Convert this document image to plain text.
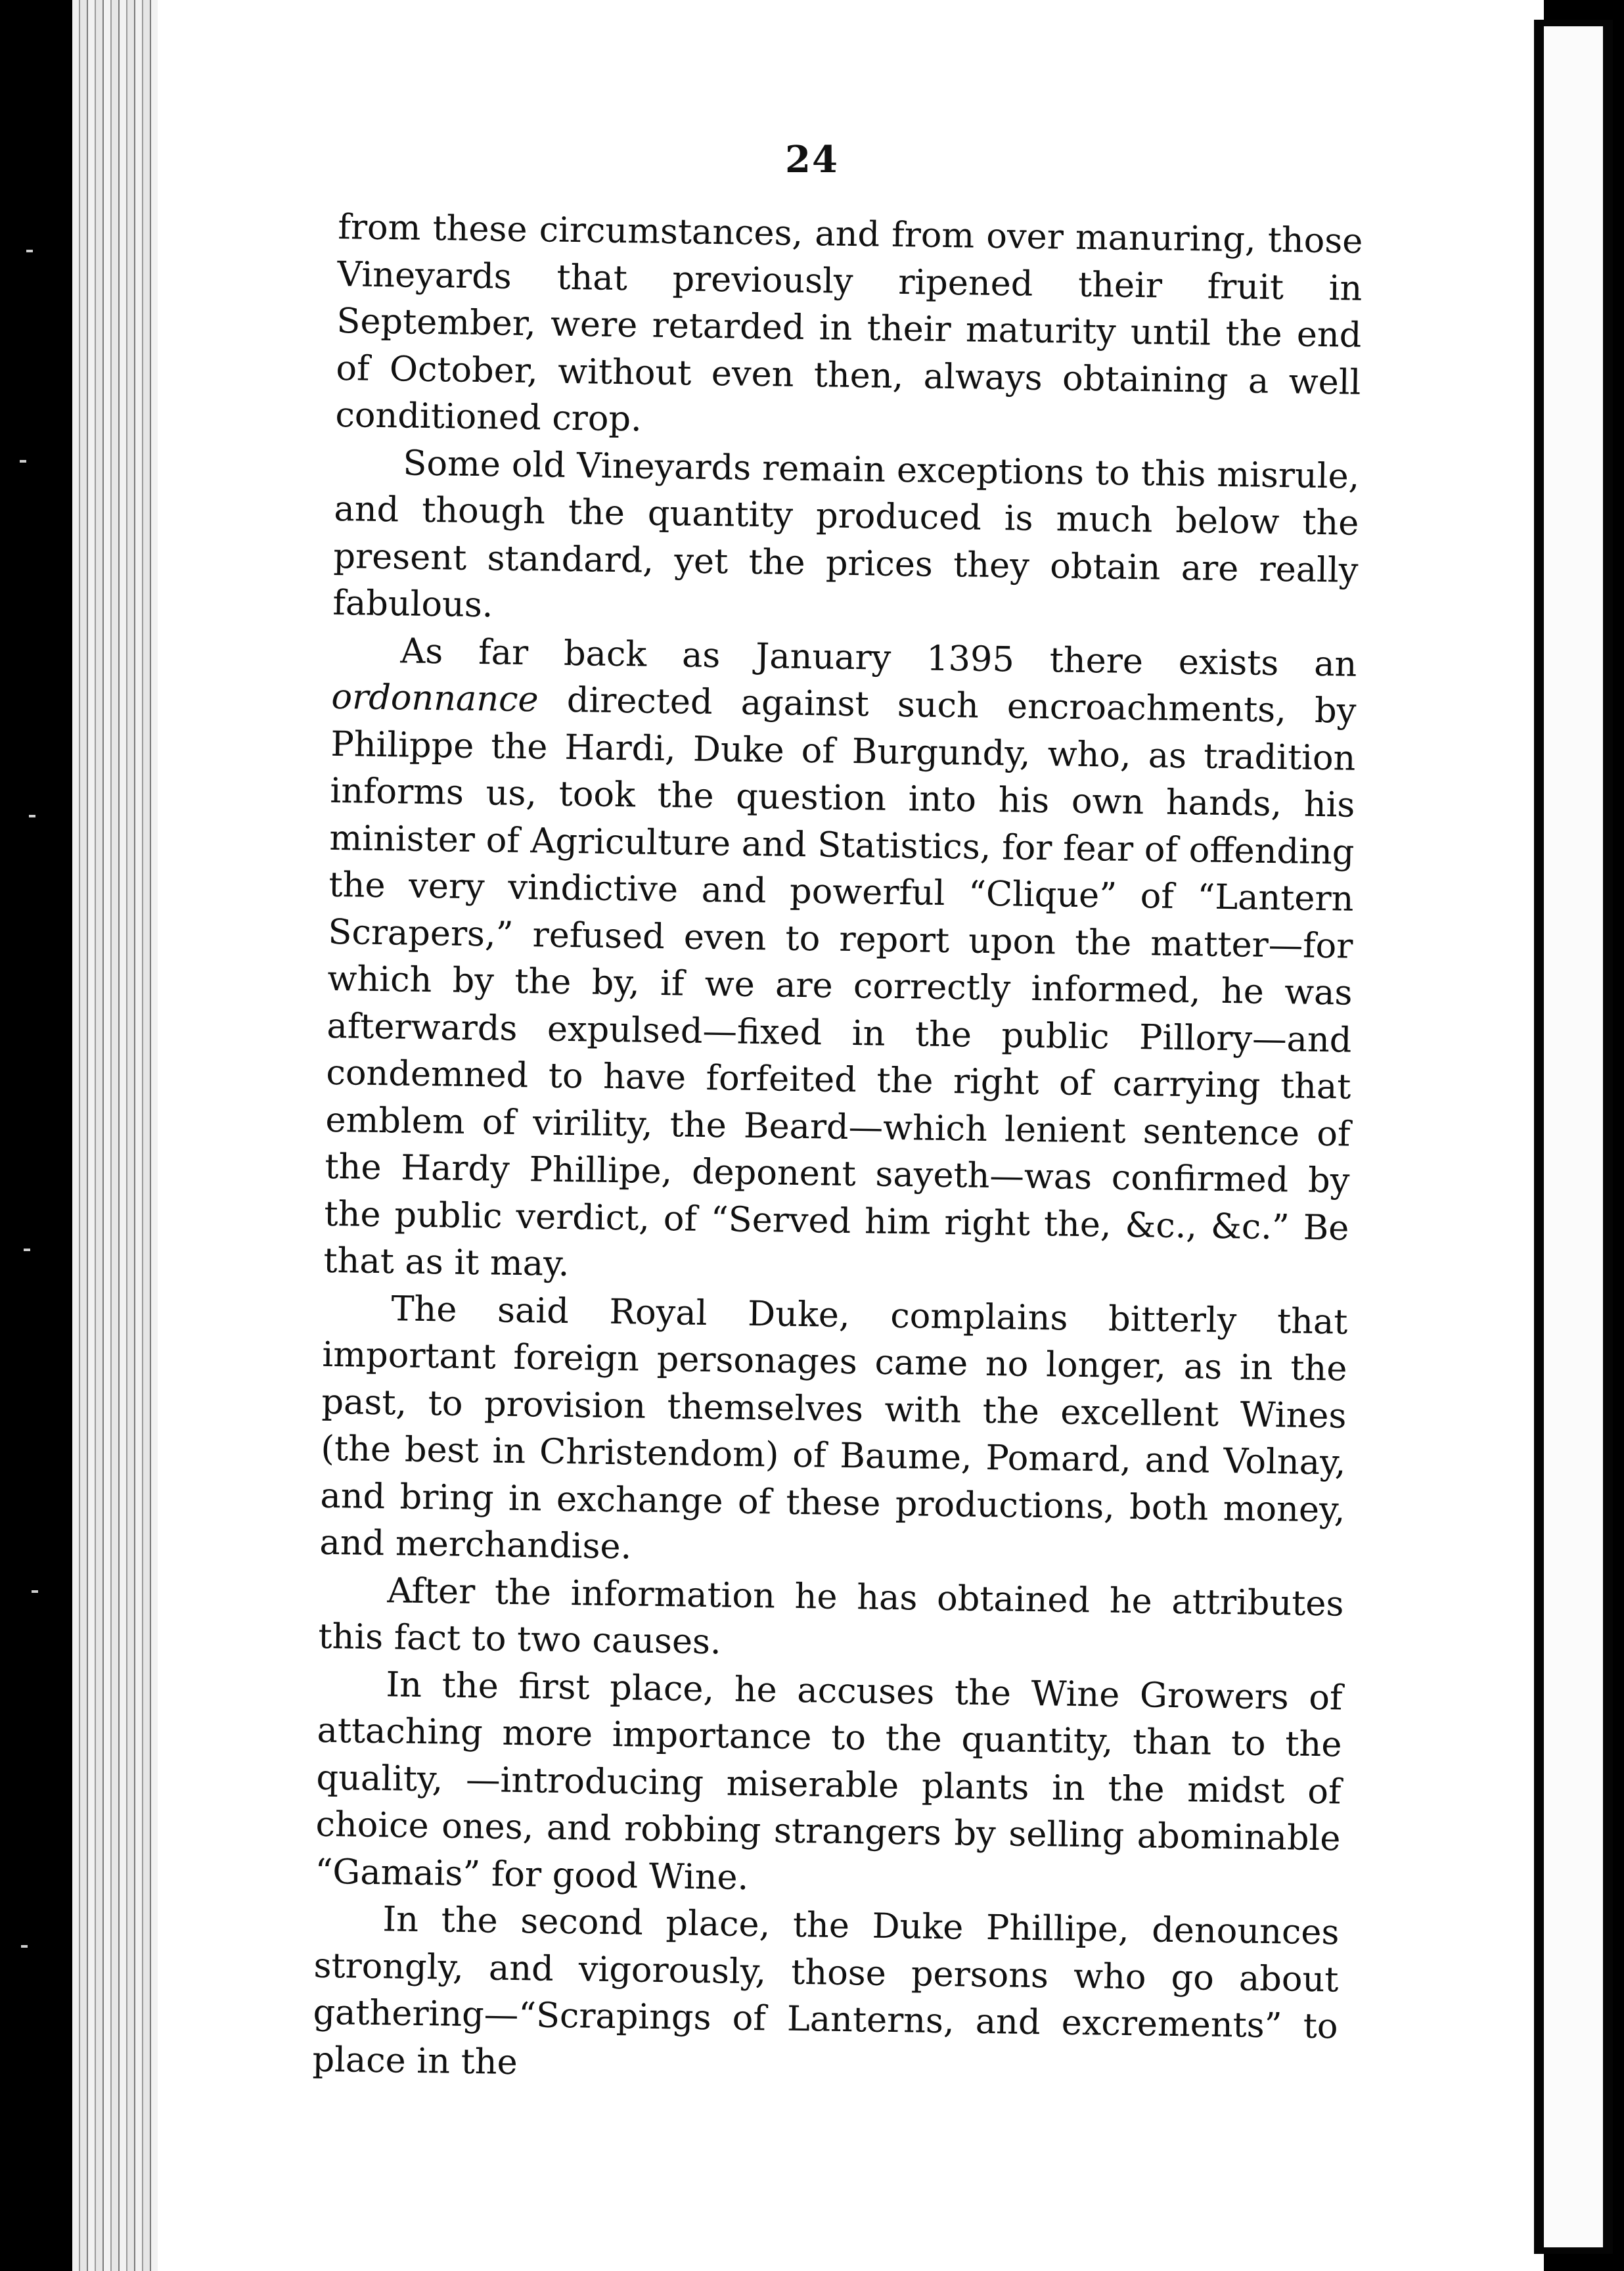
24

from these circumstances, and from over manuring, those Vineyards that previously ripened their fruit in September, were retarded in their maturity until the end of October, without even then, always obtaining a well conditioned crop.

Some old Vineyards remain exceptions to this misrule, and though the quantity produced is much below the present standard, yet the prices they obtain are really fabulous.

As far back as January 1395 there exists an ordonnance directed against such encroachments, by Philippe the Hardi, Duke of Burgundy, who, as tradition informs us, took the question into his own hands, his minister of Agriculture and Statistics, for fear of offending the very vindictive and powerful “Clique” of “Lantern Scrapers,” refused even to report upon the matter—for which by the by, if we are correctly informed, he was afterwards expulsed—fixed in the public Pillory—and condemned to have forfeited the right of carrying that emblem of virility, the Beard—which lenient sentence of the Hardy Phillipe, deponent sayeth—was confirmed by the public verdict, of “Served him right the, &c., &c.” Be that as it may.

The said Royal Duke, complains bitterly that important foreign personages came no longer, as in the past, to provision themselves with the excellent Wines (the best in Christendom) of Baume, Pomard, and Volnay, and bring in exchange of these productions, both money, and merchandise.

After the information he has obtained he attributes this fact to two causes.

In the first place, he accuses the Wine Growers of attaching more importance to the quantity, than to the quality, —introducing miserable plants in the midst of choice ones, and robbing strangers by selling abominable “Gamais” for good Wine.

In the second place, the Duke Phillipe, denounces strongly, and vigorously, those persons who go about gathering—“Scrapings of Lanterns, and excrements” to place in the
